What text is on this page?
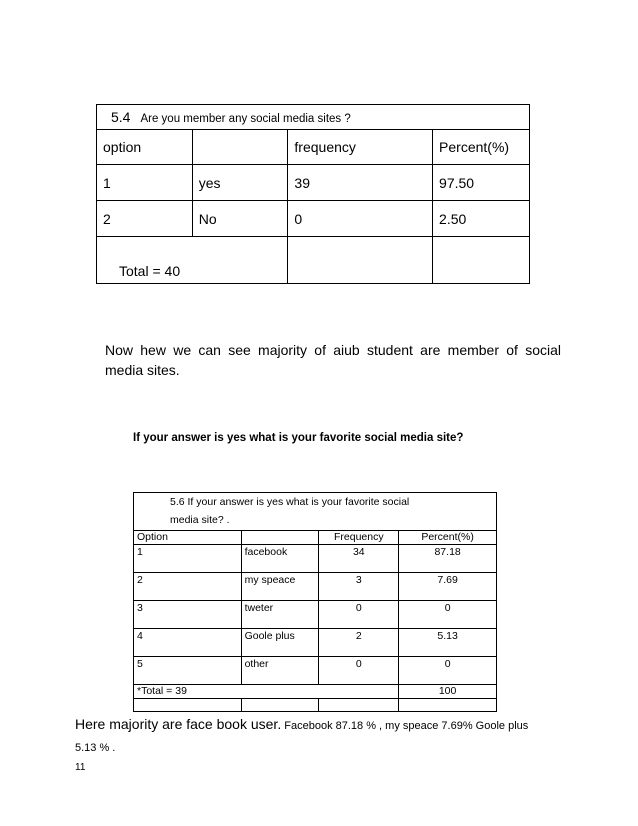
5.4 Are you member any social media sites ?			
option		frequency	Percent(%)
1	yes	39	97.50
2	No	0	2.50
Total = 40			
Now hew we can see majority of aiub student are member of social media sites.
If your answer is yes what is your favorite social media site?
5.6 If your answer is yes what is your favorite social
media site? .			

Option		Frequency	Percent(%)
1	facebook	34	87.18
2	my speace	3	7.69
3	tweter	0	0
4	Goole plus	2	5.13
5	other	0	0
*Total = 39			100

Here majority are face book user. Facebook 87.18 % , my speace 7.69% Goole plus 5.13 % .
11
